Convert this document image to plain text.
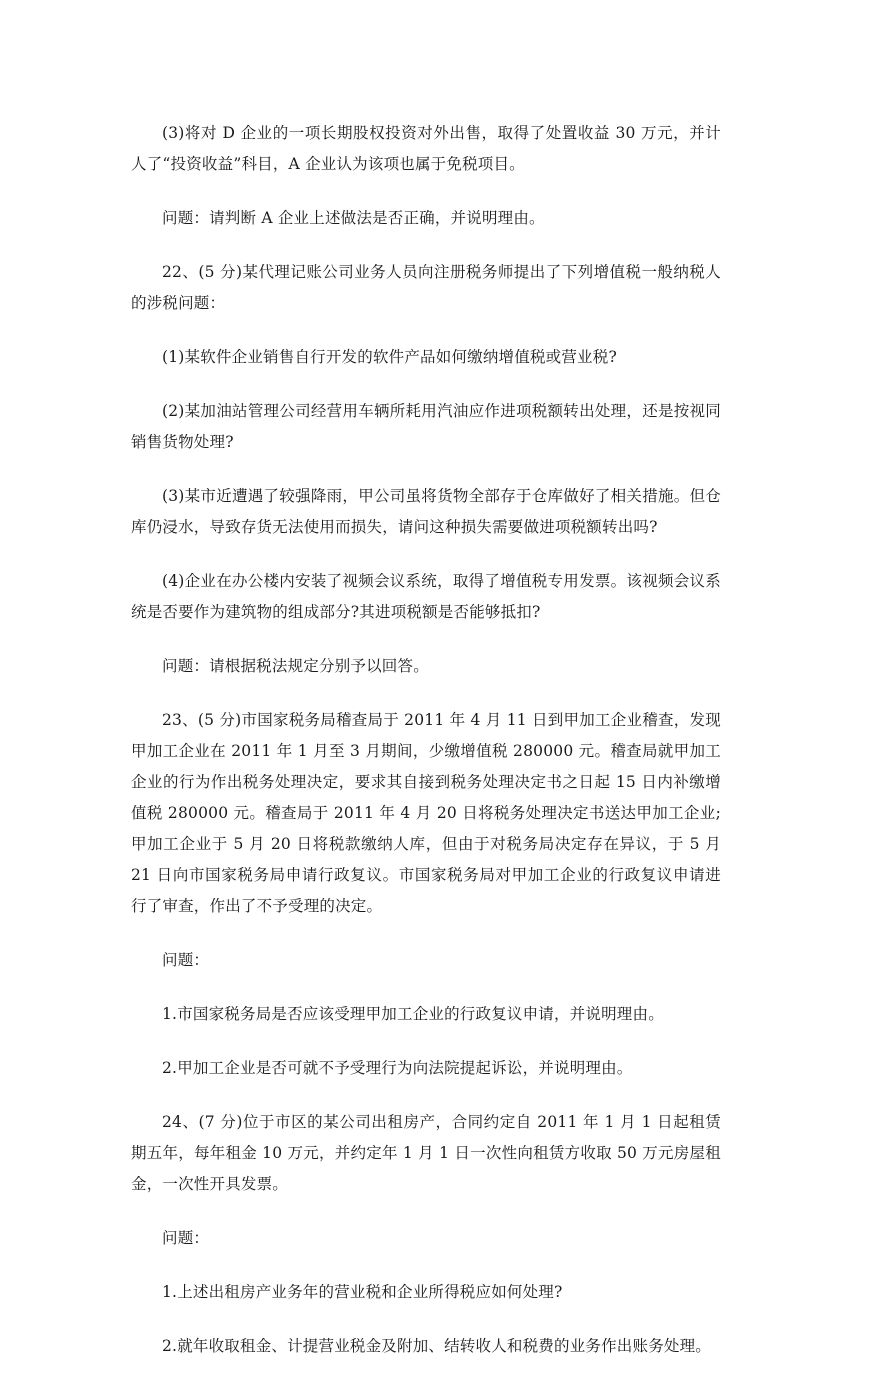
(3)将对 D 企业的一项长期股权投资对外出售，取得了处置收益 30 万元，并计人了“投资收益”科目，A 企业认为该项也属于免税项目。

问题：请判断 A 企业上述做法是否正确，并说明理由。

22、(5 分)某代理记账公司业务人员向注册税务师提出了下列增值税一般纳税人的涉税问题：

(1)某软件企业销售自行开发的软件产品如何缴纳增值税或营业税?

(2)某加油站管理公司经营用车辆所耗用汽油应作进项税额转出处理，还是按视同销售货物处理?

(3)某市近遭遇了较强降雨，甲公司虽将货物全部存于仓库做好了相关措施。但仓库仍浸水，导致存货无法使用而损失，请问这种损失需要做进项税额转出吗?

(4)企业在办公楼内安装了视频会议系统，取得了增值税专用发票。该视频会议系统是否要作为建筑物的组成部分?其进项税额是否能够抵扣?

问题：请根据税法规定分别予以回答。

23、(5 分)市国家税务局稽查局于 2011 年 4 月 11 日到甲加工企业稽查，发现甲加工企业在 2011 年 1 月至 3 月期间，少缴增值税 280000 元。稽查局就甲加工企业的行为作出税务处理决定，要求其自接到税务处理决定书之日起 15 日内补缴增值税 280000 元。稽查局于 2011 年 4 月 20 日将税务处理决定书送达甲加工企业;甲加工企业于 5 月 20 日将税款缴纳人库，但由于对税务局决定存在异议，于 5 月 21 日向市国家税务局申请行政复议。市国家税务局对甲加工企业的行政复议申请进行了审查，作出了不予受理的决定。

问题：

1.市国家税务局是否应该受理甲加工企业的行政复议申请，并说明理由。

2.甲加工企业是否可就不予受理行为向法院提起诉讼，并说明理由。

24、(7 分)位于市区的某公司出租房产，合同约定自 2011 年 1 月 1 日起租赁期五年，每年租金 10 万元，并约定年 1 月 1 日一次性向租赁方收取 50 万元房屋租金，一次性开具发票。

问题：

1.上述出租房产业务年的营业税和企业所得税应如何处理?

2.就年收取租金、计提营业税金及附加、结转收人和税费的业务作出账务处理。
